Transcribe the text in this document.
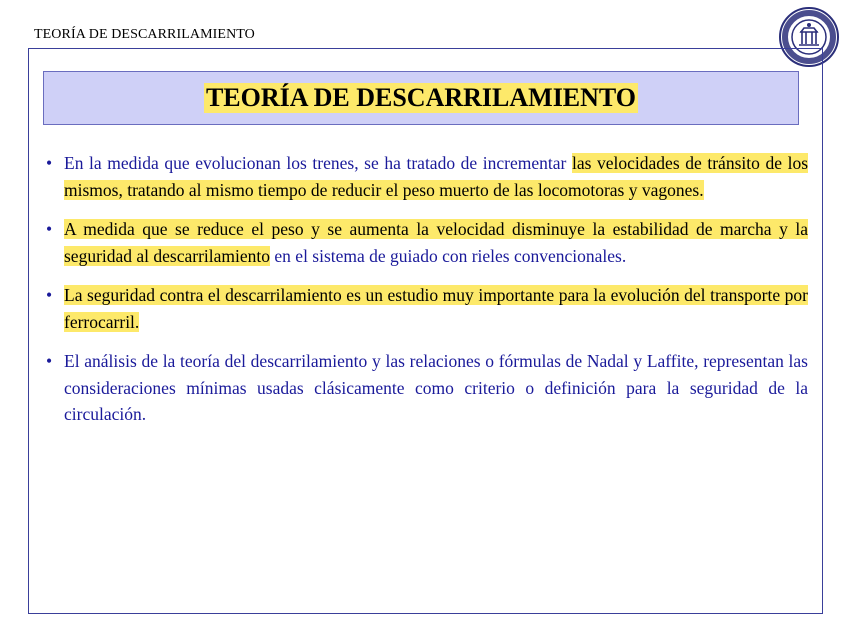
TEORÍA DE DESCARRILAMIENTO
TEORÍA DE DESCARRILAMIENTO
• En la medida que evolucionan los trenes, se ha tratado de incrementar las velocidades de tránsito de los mismos, tratando al mismo tiempo de reducir el peso muerto de las locomotoras y vagones.
• A medida que se reduce el peso y se aumenta la velocidad disminuye la estabilidad de marcha y la seguridad al descarrilamiento en el sistema de guiado con rieles convencionales.
• La seguridad contra el descarrilamiento es un estudio muy importante para la evolución del transporte por ferrocarril.
• El análisis de la teoría del descarrilamiento y las relaciones o fórmulas de Nadal y Laffite, representan las consideraciones mínimas usadas clásicamente como criterio o definición para la seguridad de la circulación.
